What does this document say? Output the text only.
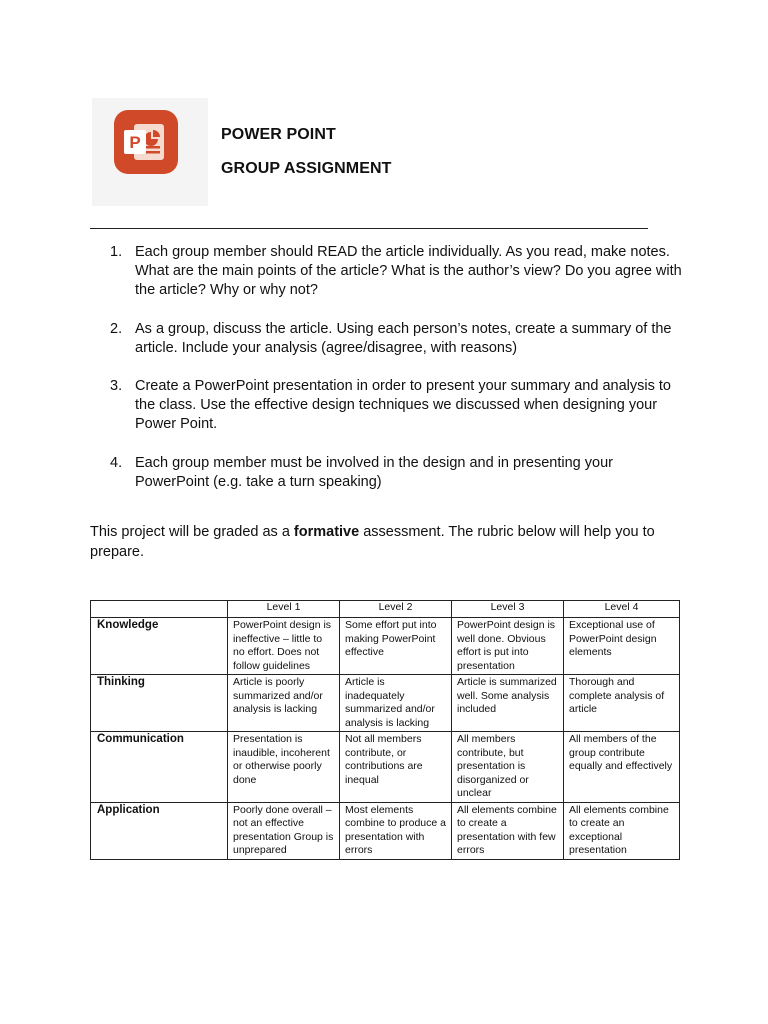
P	POWER POINT
GROUP ASSIGNMENT
1. Each group member should READ the article individually. As you read, make notes. What are the main points of the article? What is the author’s view? Do you agree with the article? Why or why not?
2. As a group, discuss the article. Using each person’s notes, create a summary of the article. Include your analysis (agree/disagree, with reasons)
3. Create a PowerPoint presentation in order to present your summary and analysis to the class. Use the effective design techniques we discussed when designing your Power Point.
4. Each group member must be involved in the design and in presenting your PowerPoint (e.g. take a turn speaking)
This project will be graded as a formative assessment. The rubric below will help you to prepare.
	Level 1	Level 2	Level 3	Level 4
Knowledge	PowerPoint design is ineffective – little to no effort. Does not follow guidelines	Some effort put into making PowerPoint effective	PowerPoint design is well done. Obvious effort is put into presentation	Exceptional use of PowerPoint design elements
Thinking	Article is poorly summarized and/or analysis is lacking	Article is inadequately summarized and/or analysis is lacking	Article is summarized well. Some analysis included	Thorough and complete analysis of article
Communication	Presentation is inaudible, incoherent or otherwise poorly done	Not all members contribute, or contributions are inequal	All members contribute, but presentation is disorganized or unclear	All members of the group contribute equally and effectively
Application	Poorly done overall – not an effective presentation Group is unprepared	Most elements combine to produce a presentation with errors	All elements combine to create a presentation with few errors	All elements combine to create an exceptional presentation
